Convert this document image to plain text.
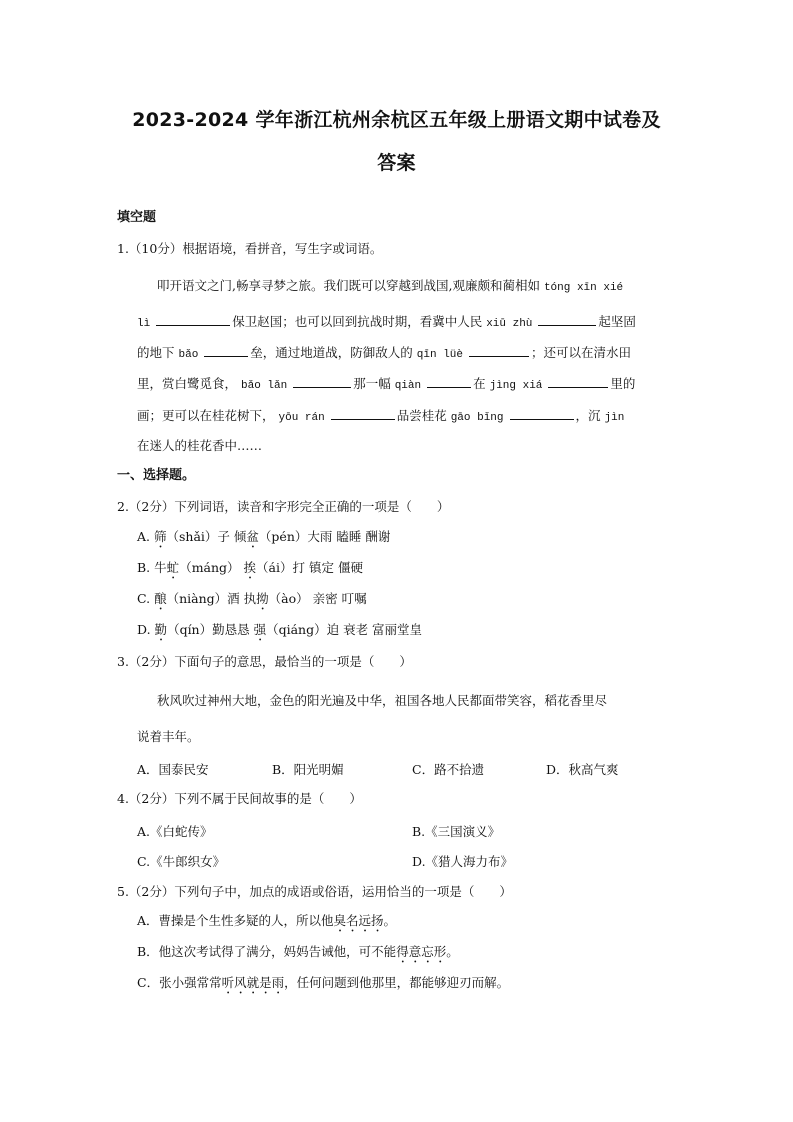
2023-2024 学年浙江杭州余杭区五年级上册语文期中试卷及
答案
填空题
1.（10分）根据语境，看拼音，写生字或词语。
叩开语文之门,畅享寻梦之旅。我们既可以穿越到战国,观廉颇和蔺相如 tóng xīn xié
lì	保卫赵国；也可以回到抗战时期，看冀中人民 xiū zhù	起坚固
的地下 bǎo	垒，通过地道战，防御敌人的 qīn lüè	；还可以在清水田
里，赏白鹭觅食， bǎo lǎn	那一幅 qiàn	在 jìng xiá	里的
画；更可以在桂花树下， yōu rán	品尝桂花 gāo bǐng	，沉 jìn
在迷人的桂花香中……
一、选择题。
2.（2分）下列词语，读音和字形完全正确的一项是（　　）
A. 筛（shǎi）子 倾盆（pén）大雨 瞌睡 酬谢
B. 牛虻（máng） 挨（ái）打 镇定 僵硬
C. 酿（niàng）酒 执拗（ào） 亲密 叮嘱
D. 勤（qín）勤恳恳 强（qiáng）迫 衰老 富丽堂皇
3.（2分）下面句子的意思，最恰当的一项是（　　）
秋风吹过神州大地，金色的阳光遍及中华，祖国各地人民都面带笑容，稻花香里尽
说着丰年。
A．国泰民安	B．阳光明媚	C．路不拾遗	D．秋高气爽
4.（2分）下列不属于民间故事的是（　　）
A.《白蛇传》	B.《三国演义》
C.《牛郎织女》	D.《猎人海力布》
5.（2分）下列句子中，加点的成语或俗语，运用恰当的一项是（　　）
A．曹操是个生性多疑的人，所以他臭名远扬。
B．他这次考试得了满分，妈妈告诫他，可不能得意忘形。
C．张小强常常听风就是雨，任何问题到他那里，都能够迎刃而解。
